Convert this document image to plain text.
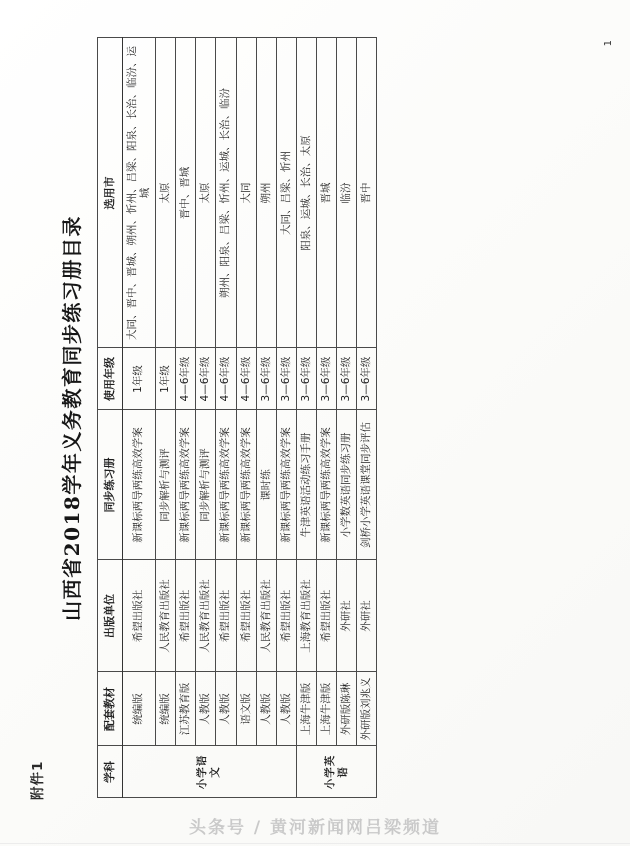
附件1
山西省2018学年义务教育同步练习册目录
学科	配套教材	出版单位	同步练习册	使用年级	选用市
小学语文	统编版	希望出版社	新课标两导两练高效学案	1年级	大同、晋中、晋城、朔州、忻州、吕梁、阳泉、长治、临汾、运城
	统编版	人民教育出版社	同步解析与测评	1年级	太原
	江苏教育版	希望出版社	新课标两导两练高效学案	4—6年级	晋中、晋城
	人教版	人民教育出版社	同步解析与测评	4—6年级	太原
	人教版	希望出版社	新课标两导两练高效学案	4—6年级	朔州、阳泉、吕梁、忻州、运城、长治、临汾
	语文版	希望出版社	新课标两导两练高效学案	4—6年级	大同
	人教版	人民教育出版社	课时练	3—6年级	朔州
	人教版	希望出版社	新课标两导两练高效学案	3—6年级	大同、吕梁、忻州
小学英语	上海牛津版	上海教育出版社	牛津英语活动练习手册	3—6年级	阳泉、运城、长治、太原
	上海牛津版	希望出版社	新课标两导两练高效学案	3—6年级	晋城
	外研版陈琳	外研社	小学数英语同步练习册	3—6年级	临汾
	外研版刘兆义	外研社	剑桥小学英语课堂同步评估	3—6年级	晋中
1
头条号 / 黄河新闻网吕梁频道
